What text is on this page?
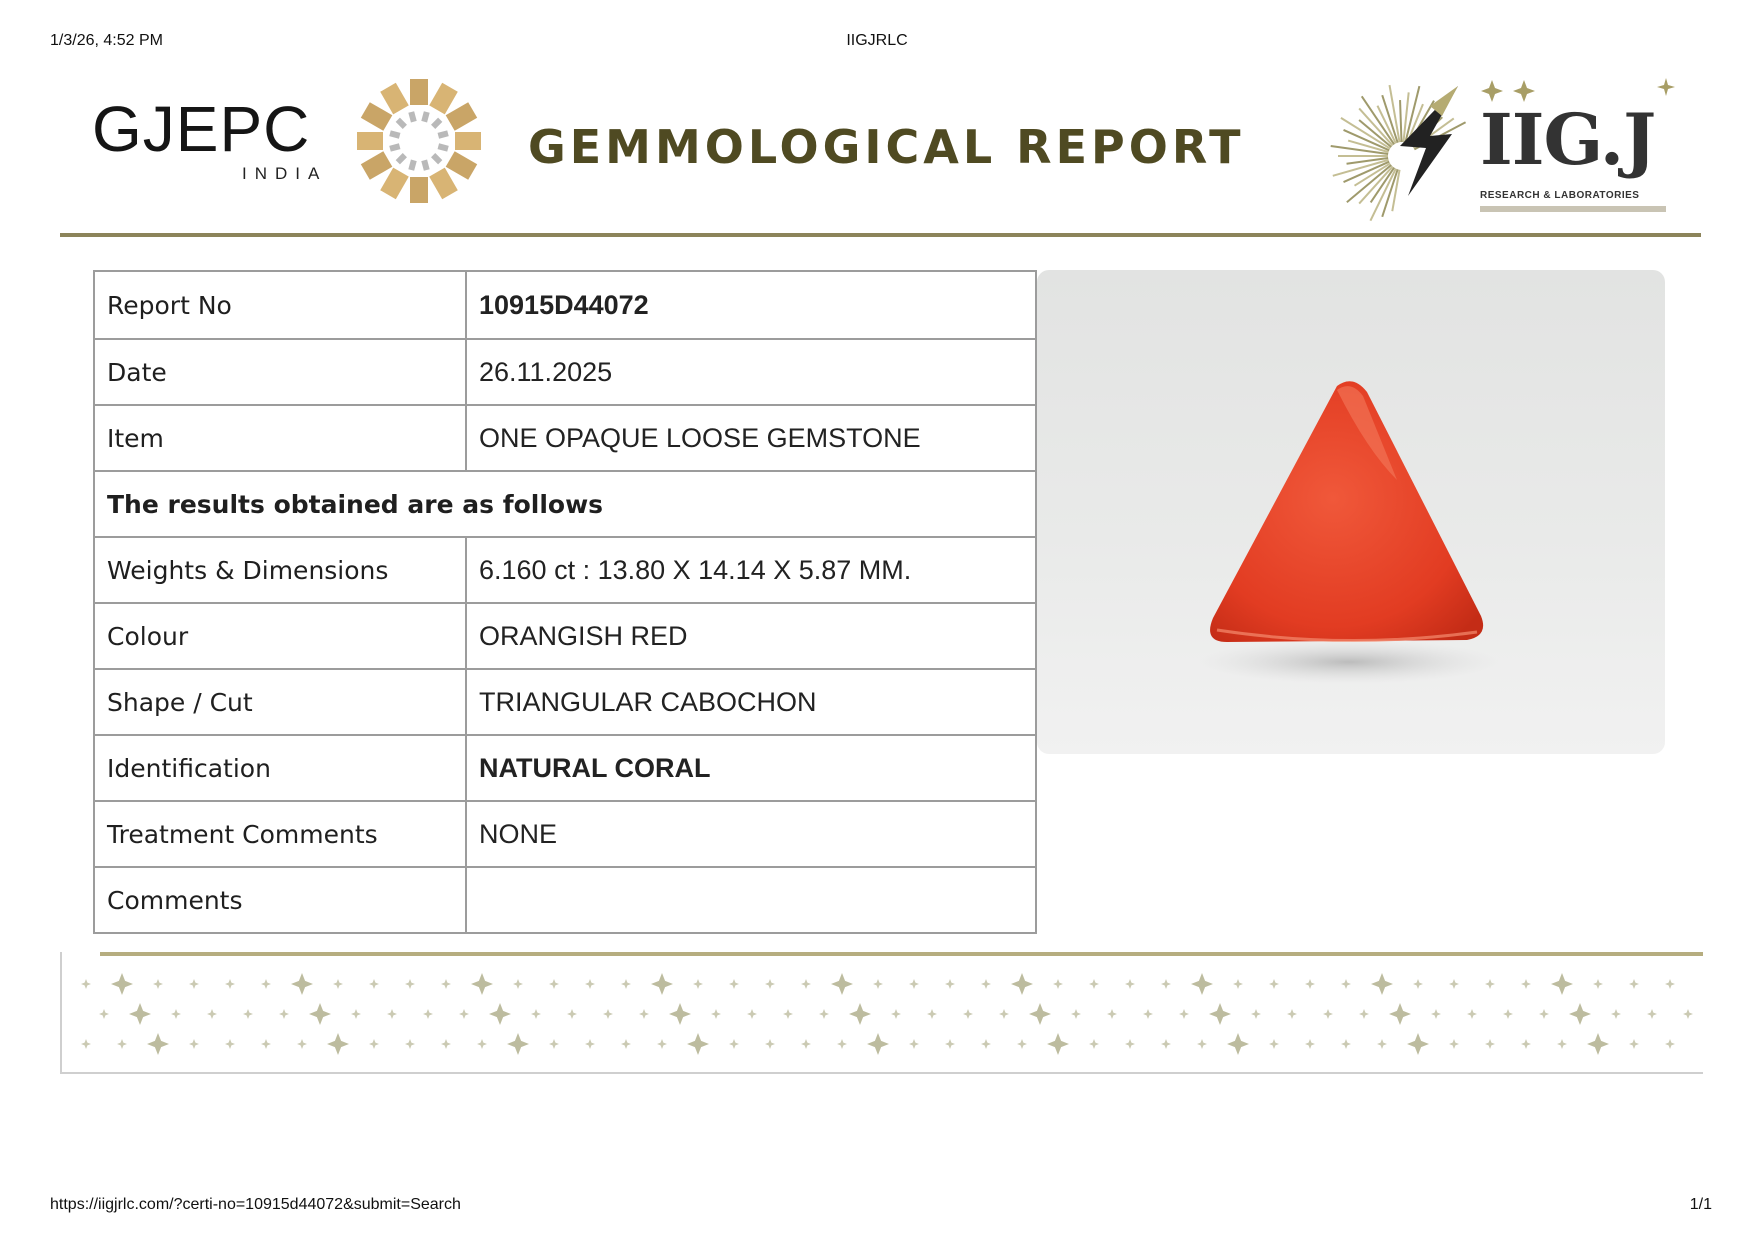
1/3/26, 4:52 PM	IIGJRLC
GJEPC
INDIA	GEMMOLOGICAL REPORT	IIG.J
RESEARCH & LABORATORIES
Report No	10915D44072
Date	26.11.2025
Item	ONE OPAQUE LOOSE GEMSTONE
The results obtained are as follows	
Weights & Dimensions	6.160 ct : 13.80 X 14.14 X 5.87 MM.
Colour	ORANGISH RED
Shape / Cut	TRIANGULAR CABOCHON
Identification	NATURAL CORAL
Treatment Comments	NONE
Comments	
https://iigjrlc.com/?certi-no=10915d44072&submit=Search	1/1
